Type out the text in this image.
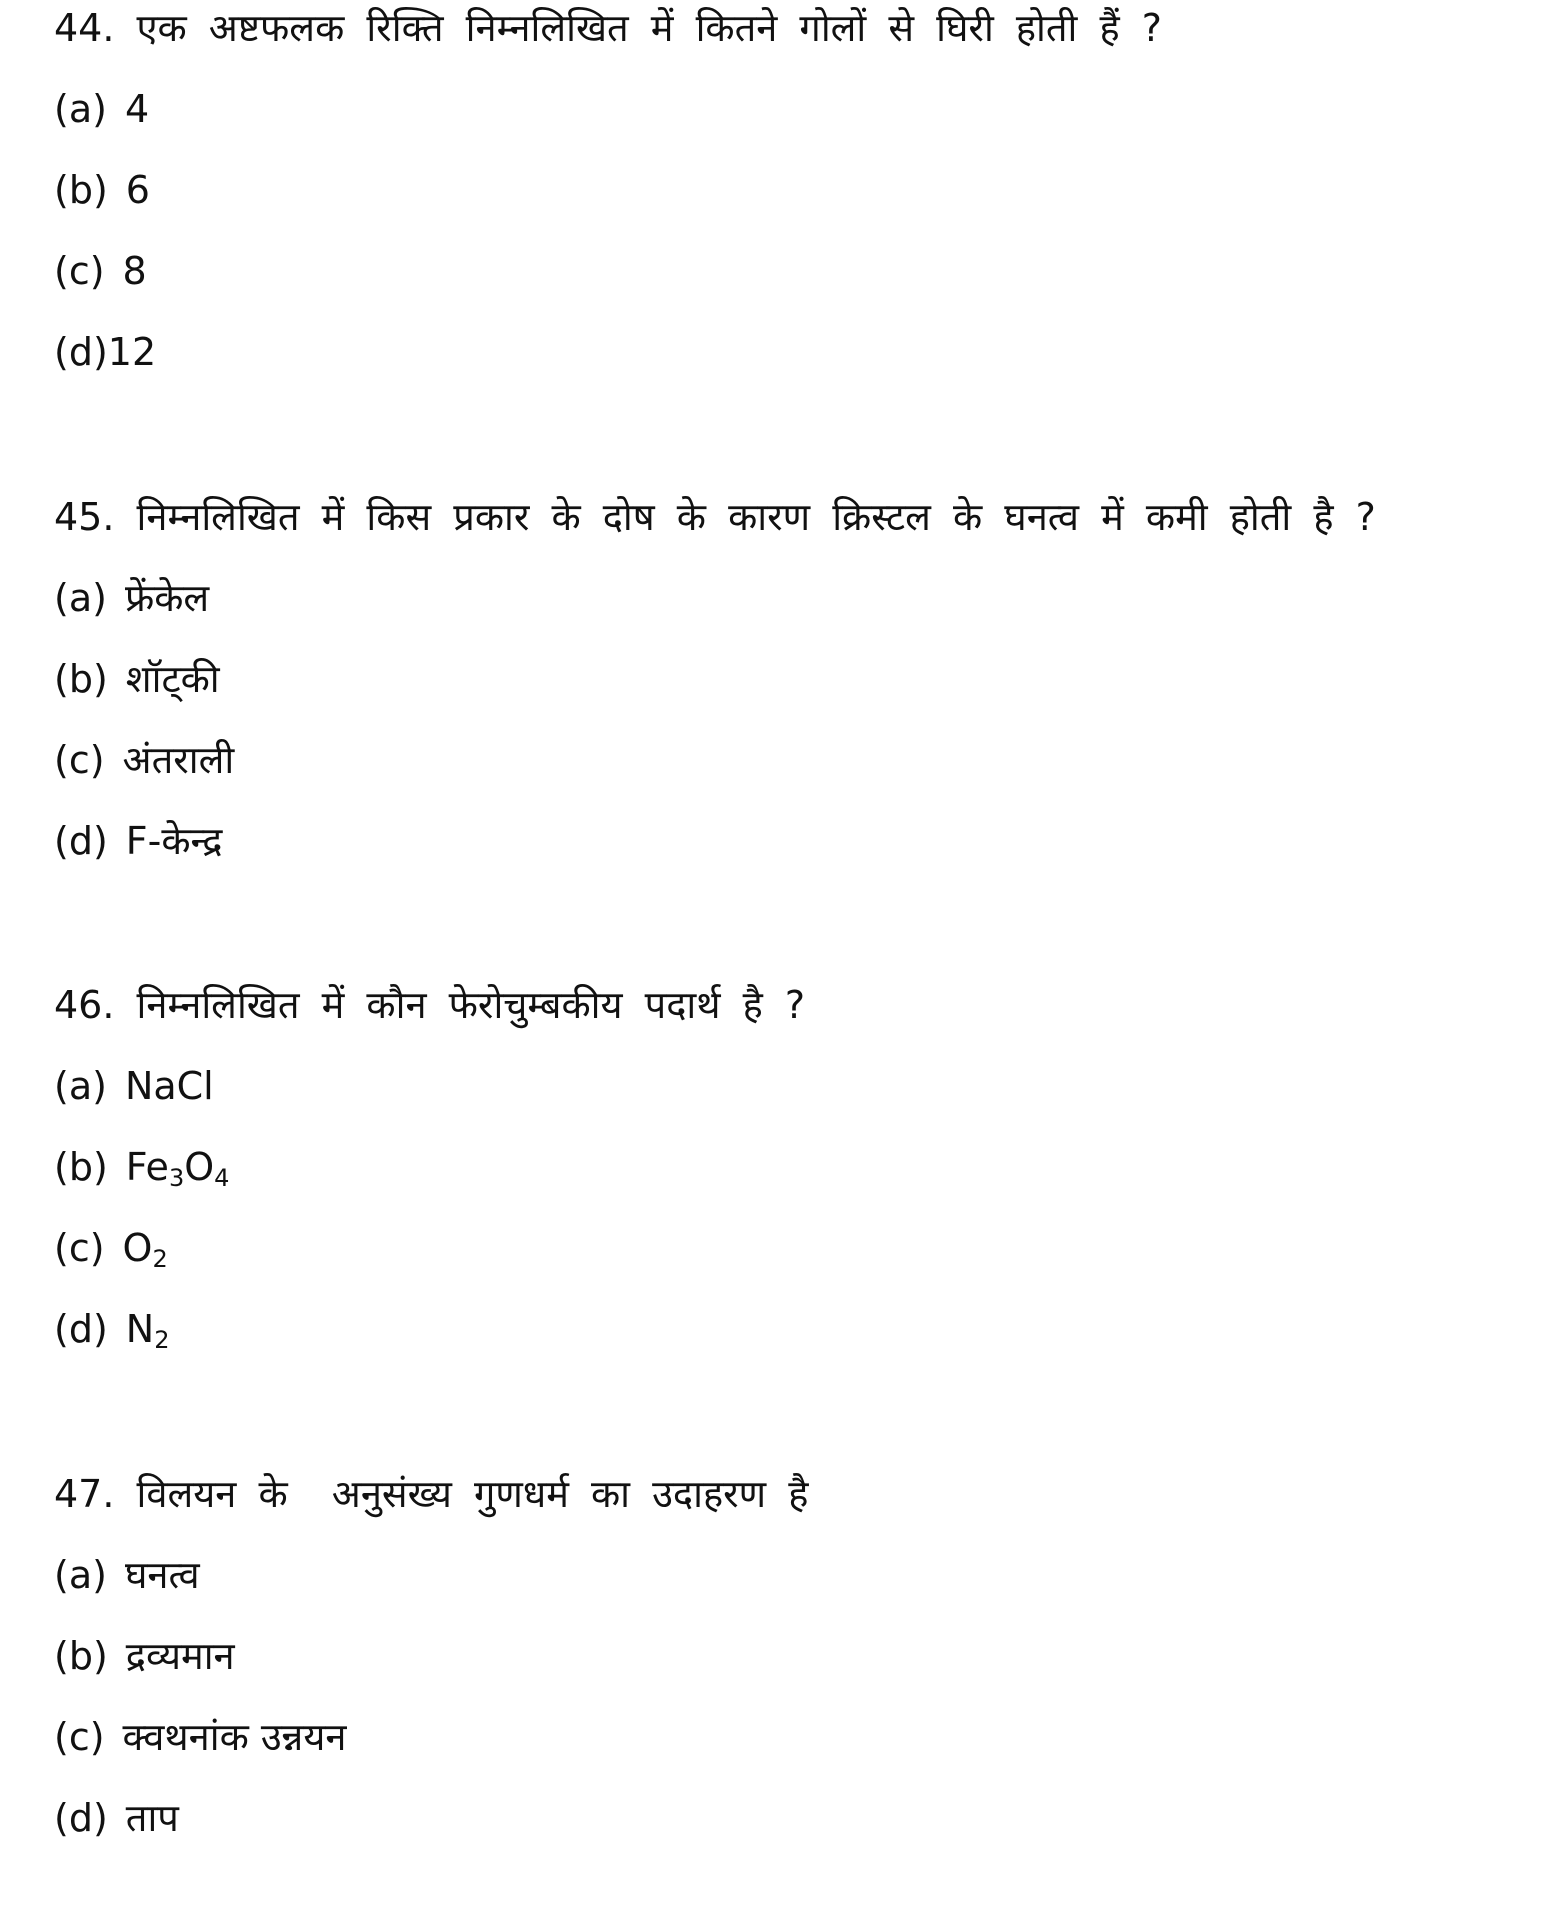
44. एक अष्टफलक रिक्ति निम्नलिखित में कितने गोलों से घिरी होती हैं ?
(a) 4
(b) 6
(c) 8
(d)12
45. निम्नलिखित में किस प्रकार के दोष के कारण क्रिस्टल के घनत्व में कमी होती है ?
(a) फ्रेंकेल
(b) शॉट्की
(c) अंतराली
(d) F-केन्द्र
46. निम्नलिखित में कौन फेरोचुम्बकीय पदार्थ है ?
(a) NaCl
(b) $Fe_3O_4$
(c) $O_2$
(d) $N_2$
47. विलयन के  अनुसंख्य गुणधर्म का उदाहरण है
(a) घनत्व
(b) द्रव्यमान
(c) क्वथनांक उन्नयन
(d) ताप
